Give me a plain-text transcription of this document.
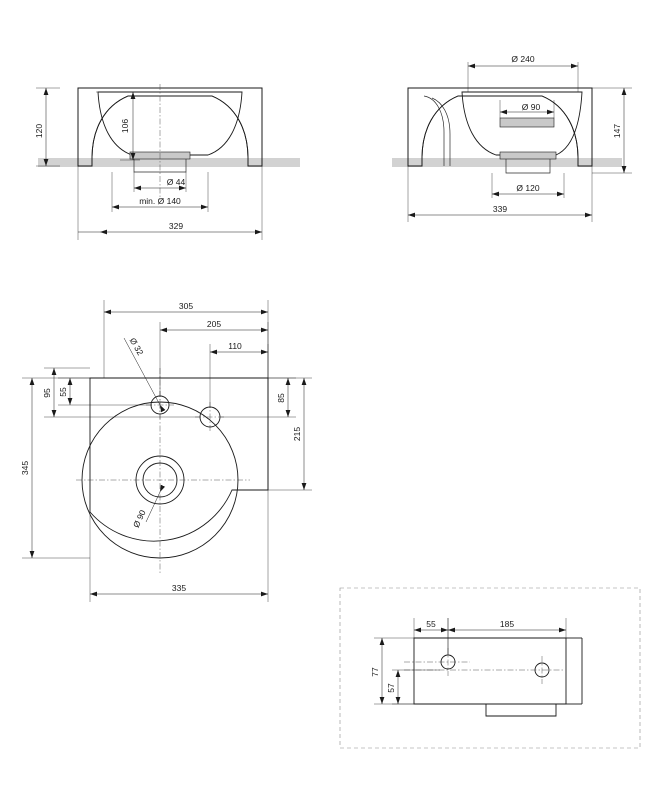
120	106
Ø 44
min. Ø 140
329
Ø 240
Ø 90
147
Ø 120
339
Ø 32
Ø 90
305
205
110
55
95
345
85
215
335
55	185
77
57
